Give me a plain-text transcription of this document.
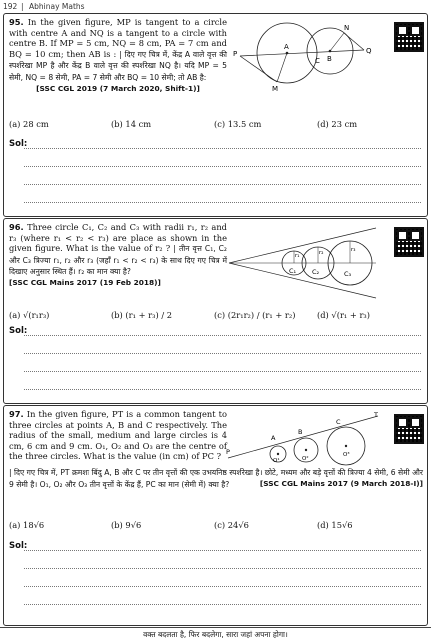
192 | Abhinay Maths
95. In the given figure, MP is tangent to a circle with centre A and NQ is a tangent to a circle with centre B. If MP = 5 cm, NQ = 8 cm, PA = 7 cm and BQ = 10 cm; then AB is : | दिए गए चित्र में, केंद्र A वाले वृत्त की स्पर्शरेखा MP है और केंद्र B वाले वृत्त की स्पर्शरेखा NQ है। यदि MP = 5 सेमी, NQ = 8 सेमी, PA = 7 सेमी और BQ = 10 सेमी; तो AB है:
[SSC CGL 2019 (7 March 2020, Shift-1)]
P
A
C B
Q
N
M
(a) 28 cm	(b) 14 cm	(c) 13.5 cm	(d) 23 cm
Sol:
96. Three circle C₁, C₂ and C₃ with radii r₁, r₂ and r₃ (where r₁ < r₂ < r₃) are place as shown in the given figure. What is the value of r₂ ? | तीन वृत्त C₁, C₂ और C₃ त्रिज्या r₁, r₂ और r₃ (जहाँ r₁ < r₂ < r₃) के साथ दिए गए चित्र में दिखाए अनुसार स्थित हैं। r₂ का मान क्या है?
[SSC CGL Mains 2017 (19 Feb 2018)]
C₁ C₂	C₃
r₁	r₂	r₃
(a) √(r₁r₃)	(b) (r₁ + r₃) / 2	(c) (2r₁r₂) / (r₁ + r₂)	(d) √(r₁ + r₃)
Sol:
97. In the given figure, PT is a common tangent to three circles at points A, B and C respectively. The radius of the small, medium and large circles is 4 cm, 6 cm and 9 cm. O₁, O₂ and O₃ are the centre of the three circles. What is the value (in cm) of PC ?
| दिए गए चित्र में, PT क्रमशः बिंदु A, B और C पर तीन वृत्तों की एक उभयनिष्ठ स्पर्शरेखा है। छोटे, मध्यम और बड़े वृत्तों की त्रिज्या 4 सेमी, 6 सेमी और 9 सेमी है। O₁, O₂ और O₃ तीन वृत्तों के केंद्र हैं, PC का मान (सेमी में) क्या है?	[SSC CGL Mains 2017 (9 March 2018-I)]
P
A
B
C
T
O¹	O²
O³
(a) 18√6	(b) 9√6	(c) 24√6	(d) 15√6
Sol:
वक्त बदलता है, फिर बदलेगा, सारा जहां अपना होगा।
